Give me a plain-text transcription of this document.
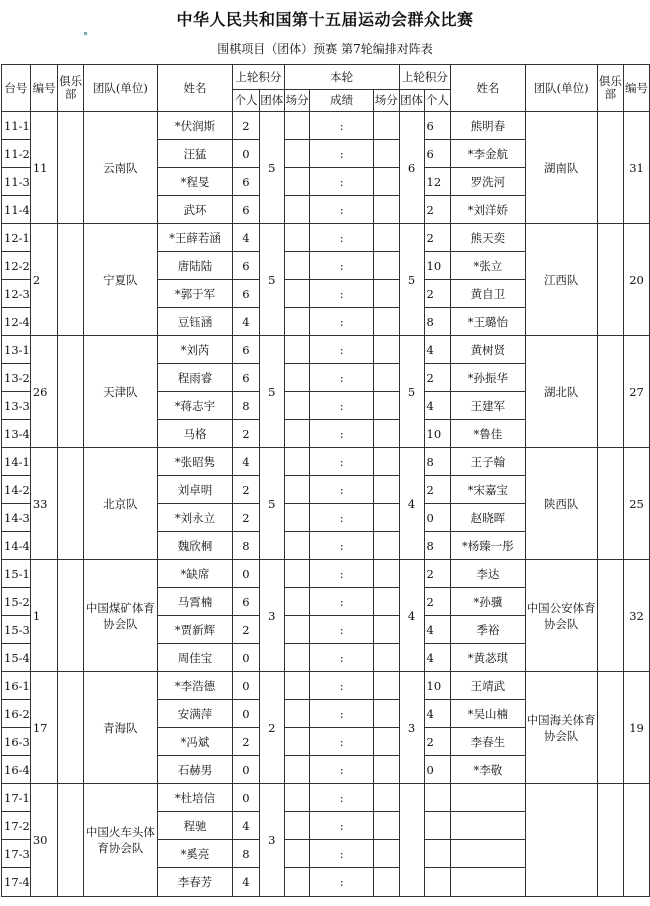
中华人民共和国第十五届运动会群众比赛
围棋项目（团体）预赛 第7轮编排对阵表
台号	编号	俱乐部	团队(单位)	姓名	上轮积分		本轮			上轮积分		姓名	团队(单位)	俱乐部	编号
					个人	团体	场分	成绩	场分	团体	个人				
11-1	11		云南队	*伏润斯	2	5		:		6	6	熊明春	湖南队		31
11-2				汪猛	0			:			6	*李金航			
11-3				*程旻	6			:			12	罗洗河			
11-4				武环	6			:			2	*刘洋娇			
12-1	2		宁夏队	*王薛若涵	4	5		:		5	2	熊天奕	江西队		20
12-2				唐陆陆	6			:			10	*张立			
12-3				*郭于军	6			:			2	黄自卫			
12-4				豆钰涵	4			:			8	*王璐怡			
13-1	26		天津队	*刘芮	6	5		:		5	4	黄树贤	湖北队		27
13-2				程雨睿	6			:			2	*孙振华			
13-3				*蒋志宇	8			:			4	王建军			
13-4				马格	2			:			10	*鲁佳			
14-1	33		北京队	*张昭隽	4	5		:		4	8	王子翰	陕西队		25
14-2				刘卓明	2			:			2	*宋嘉宝			
14-3				*刘永立	2			:			0	赵晓晖			
14-4				魏欣桐	8			:			8	*杨臻一彤			
15-1	1		中国煤矿体育协会队	*缺席	0	3		:		4	2	李达	中国公安体育协会队		32
15-2				马霄楠	6			:			2	*孙骥			
15-3				*贾新辉	2			:			4	季裕			
15-4				周佳宝	0			:			4	*黄苾琪			
16-1	17		青海队	*李浩德	0	2		:		3	10	王靖武	中国海关体育协会队		19
16-2				安满萍	0			:			4	*吴山楠			
16-3				*冯斌	2			:			2	李春生			
16-4				石赫男	0			:			0	*李敬			
17-1	30		中国火车头体育协会队	*杜培信	0	3		:							
17-2				程驰	4			:							
17-3				*奚亮	8			:							
17-4				李春芳	4			:							
